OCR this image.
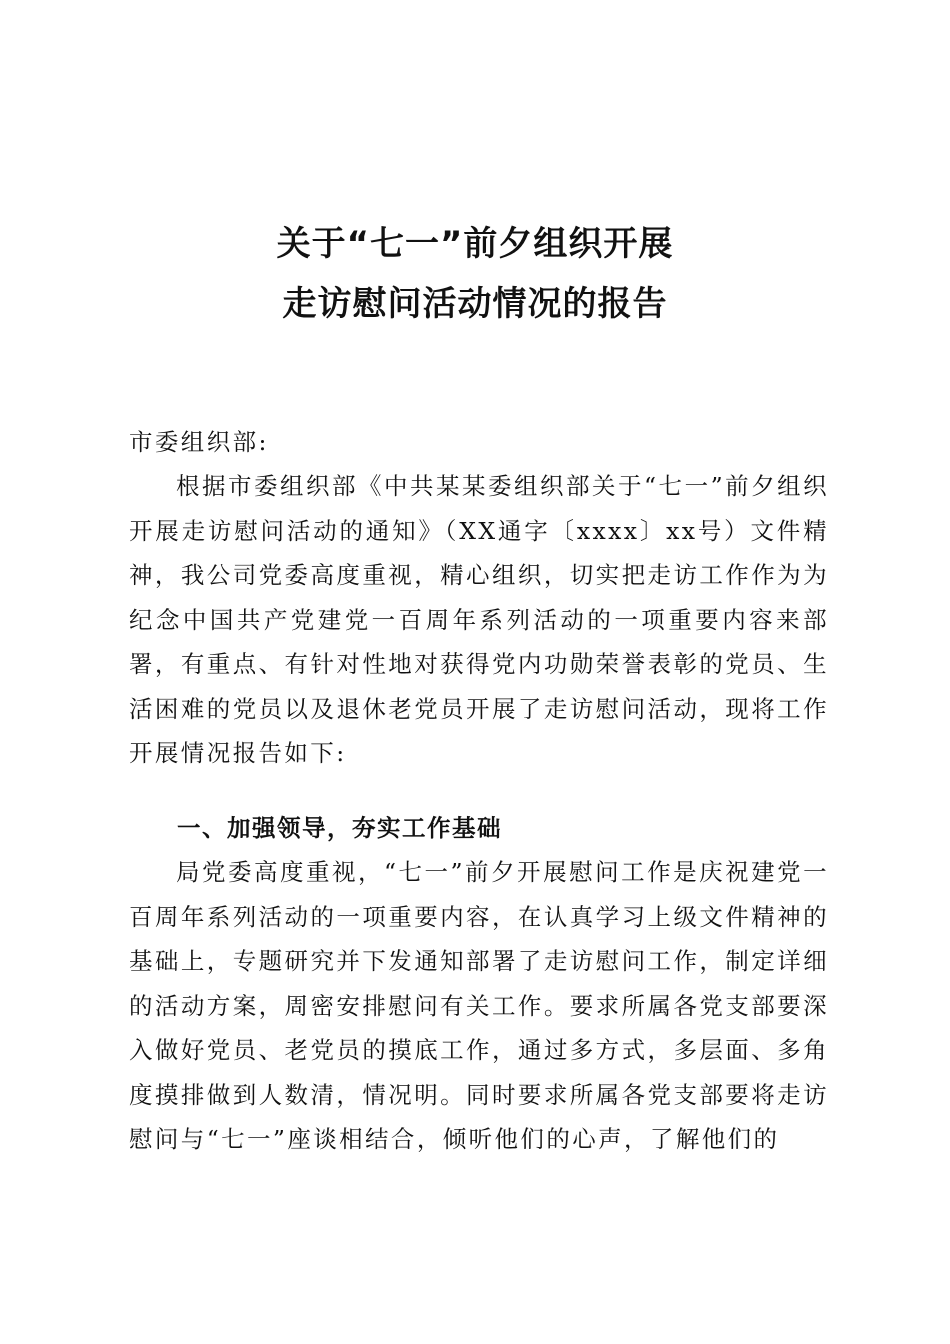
关于“七一”前夕组织开展
走访慰问活动情况的报告

市委组织部:

根据市委组织部《中共某某委组织部关于“七一”前夕组织开展走访慰问活动的通知》（XX通字〔xxxx〕xx号）文件精神，我公司党委高度重视，精心组织，切实把走访工作作为为纪念中国共产党建党一百周年系列活动的一项重要内容来部署，有重点、有针对性地对获得党内功勋荣誉表彰的党员、生活困难的党员以及退休老党员开展了走访慰问活动，现将工作开展情况报告如下:

一、加强领导，夯实工作基础

局党委高度重视，“七一”前夕开展慰问工作是庆祝建党一百周年系列活动的一项重要内容，在认真学习上级文件精神的基础上，专题研究并下发通知部署了走访慰问工作，制定详细的活动方案，周密安排慰问有关工作。要求所属各党支部要深入做好党员、老党员的摸底工作，通过多方式，多层面、多角度摸排做到人数清，情况明。同时要求所属各党支部要将走访慰问与“七一”座谈相结合，倾听他们的心声，了解他们的
